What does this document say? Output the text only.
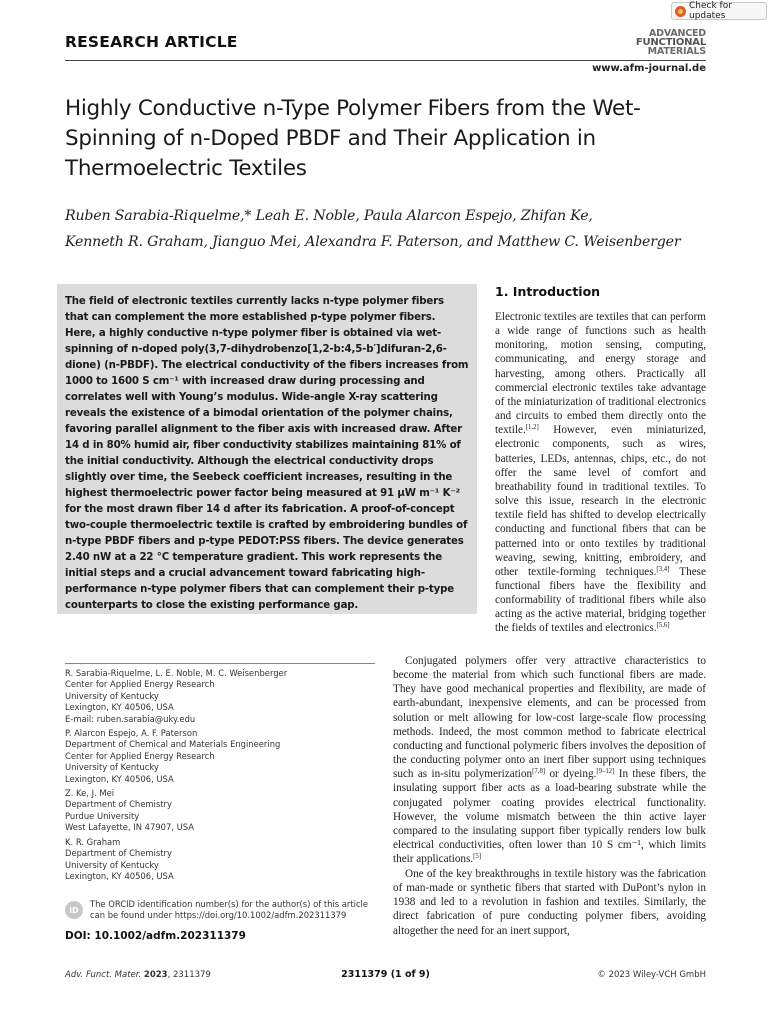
Check for updates
RESEARCH ARTICLE	ADVANCED
FUNCTIONAL
MATERIALS
www.afm-journal.de
Highly Conductive n-Type Polymer Fibers from the Wet-Spinning of n-Doped PBDF and Their Application in Thermoelectric Textiles
Ruben Sarabia-Riquelme,* Leah E. Noble, Paula Alarcon Espejo, Zhifan Ke,
Kenneth R. Graham, Jianguo Mei, Alexandra F. Paterson, and Matthew C. Weisenberger

The field of electronic textiles currently lacks n-type polymer fibers that can complement the more established p-type polymer fibers. Here, a highly conductive n-type polymer fiber is obtained via wet-spinning of n-doped poly(3,7-dihydrobenzo[1,2-b:4,5-b′]difuran-2,6-dione) (n-PBDF). The electrical conductivity of the fibers increases from 1000 to 1600 S cm⁻¹ with increased draw during processing and correlates well with Young’s modulus. Wide-angle X-ray scattering reveals the existence of a bimodal orientation of the polymer chains, favoring parallel alignment to the fiber axis with increased draw. After 14 d in 80% humid air, fiber conductivity stabilizes maintaining 81% of the initial conductivity. Although the electrical conductivity drops slightly over time, the Seebeck coefficient increases, resulting in the highest thermoelectric power factor being measured at 91 μW m⁻¹ K⁻² for the most drawn fiber 14 d after its fabrication. A proof-of-concept two-couple thermoelectric textile is crafted by embroidering bundles of n-type PBDF fibers and p-type PEDOT:PSS fibers. The device generates 2.40 nW at a 22 °C temperature gradient. This work represents the initial steps and a crucial advancement toward fabricating high-performance n-type polymer fibers that can complement their p-type counterparts to close the existing performance gap.

R. Sarabia-Riquelme, L. E. Noble, M. C. Weisenberger
Center for Applied Energy Research
University of Kentucky
Lexington, KY 40506, USA
E-mail: ruben.sarabia@uky.edu
P. Alarcon Espejo, A. F. Paterson
Department of Chemical and Materials Engineering
Center for Applied Energy Research
University of Kentucky
Lexington, KY 40506, USA
Z. Ke, J. Mei
Department of Chemistry
Purdue University
West Lafayette, IN 47907, USA
K. R. Graham
Department of Chemistry
University of Kentucky
Lexington, KY 40506, USA
iD
The ORCID identification number(s) for the author(s) of this article can be found under https://doi.org/10.1002/adfm.202311379
DOI: 10.1002/adfm.202311379
1. Introduction

Electronic textiles are textiles that can perform a wide range of functions such as health monitoring, motion sensing, computing, communicating, and energy storage and harvesting, among others. Practically all commercial electronic textiles take advantage of the miniaturization of traditional electronics and circuits to embed them directly onto the textile.[1,2] However, even miniaturized, electronic components, such as wires, batteries, LEDs, antennas, chips, etc., do not offer the same level of comfort and breathability found in traditional textiles. To solve this issue, research in the electronic textile field has shifted to develop electrically conducting and functional fibers that can be patterned into or onto textiles by traditional weaving, sewing, knitting, embroidery, and other textile-forming techniques.[3,4] These functional fibers have the flexibility and conformability of traditional fibers while also acting as the active material, bridging together the fields of textiles and electronics.[5,6]

Conjugated polymers offer very attractive characteristics to become the material from which such functional fibers are made. They have good mechanical properties and flexibility, are made of earth-abundant, inexpensive elements, and can be processed from solution or melt allowing for low-cost large-scale flow processing methods. Indeed, the most common method to fabricate electrical conducting and functional polymeric fibers involves the deposition of the conducting polymer onto an inert fiber support using techniques such as in-situ polymerization[7,8] or dyeing.[9–12] In these fibers, the insulating support fiber acts as a load-bearing substrate while the conjugated polymer coating provides electrical functionality. However, the volume mismatch between the thin active layer compared to the insulating support fiber typically renders low bulk electrical conductivities, often lower than 10 S cm⁻¹, which limits their applications.[5]

One of the key breakthroughs in textile history was the fabrication of man-made or synthetic fibers that started with DuPont’s nylon in 1938 and led to a revolution in fashion and textiles. Similarly, the direct fabrication of pure conducting polymer fibers, avoiding altogether the need for an inert support,

Adv. Funct. Mater. 2023, 2311379	2311379 (1 of 9)	© 2023 Wiley-VCH GmbH
